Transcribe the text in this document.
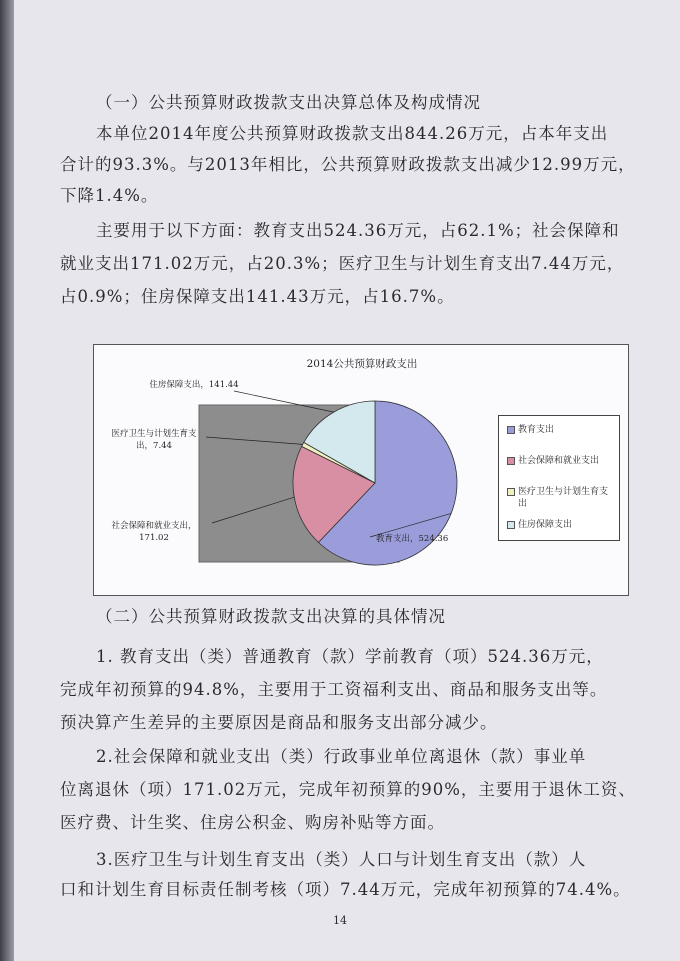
（一）公共预算财政拨款支出决算总体及构成情况

本单位2014年度公共预算财政拨款支出844.26万元，占本年支出

合计的93.3%。与2013年相比，公共预算财政拨款支出减少12.99万元，

下降1.4%。

主要用于以下方面：教育支出524.36万元，占62.1%；社会保障和

就业支出171.02万元，占20.3%；医疗卫生与计划生育支出7.44万元，

占0.9%；住房保障支出141.43万元，占16.7%。

2014公共预算财政支出
教育支出，524.36
社会保障和就业支出， 171.02
医疗卫生与计划生育支出，7.44
住房保障支出，141.44
教育支出
社会保障和就业支出
医疗卫生与计划生育支出
住房保障支出

（二）公共预算财政拨款支出决算的具体情况

1. 教育支出（类）普通教育（款）学前教育（项）524.36万元，

完成年初预算的94.8%，主要用于工资福利支出、商品和服务支出等。

预决算产生差异的主要原因是商品和服务支出部分减少。

2.社会保障和就业支出（类）行政事业单位离退休（款）事业单

位离退休（项）171.02万元，完成年初预算的90%，主要用于退休工资、

医疗费、计生奖、住房公积金、购房补贴等方面。

3.医疗卫生与计划生育支出（类）人口与计划生育支出（款）人

口和计划生育目标责任制考核（项）7.44万元，完成年初预算的74.4%。

14
